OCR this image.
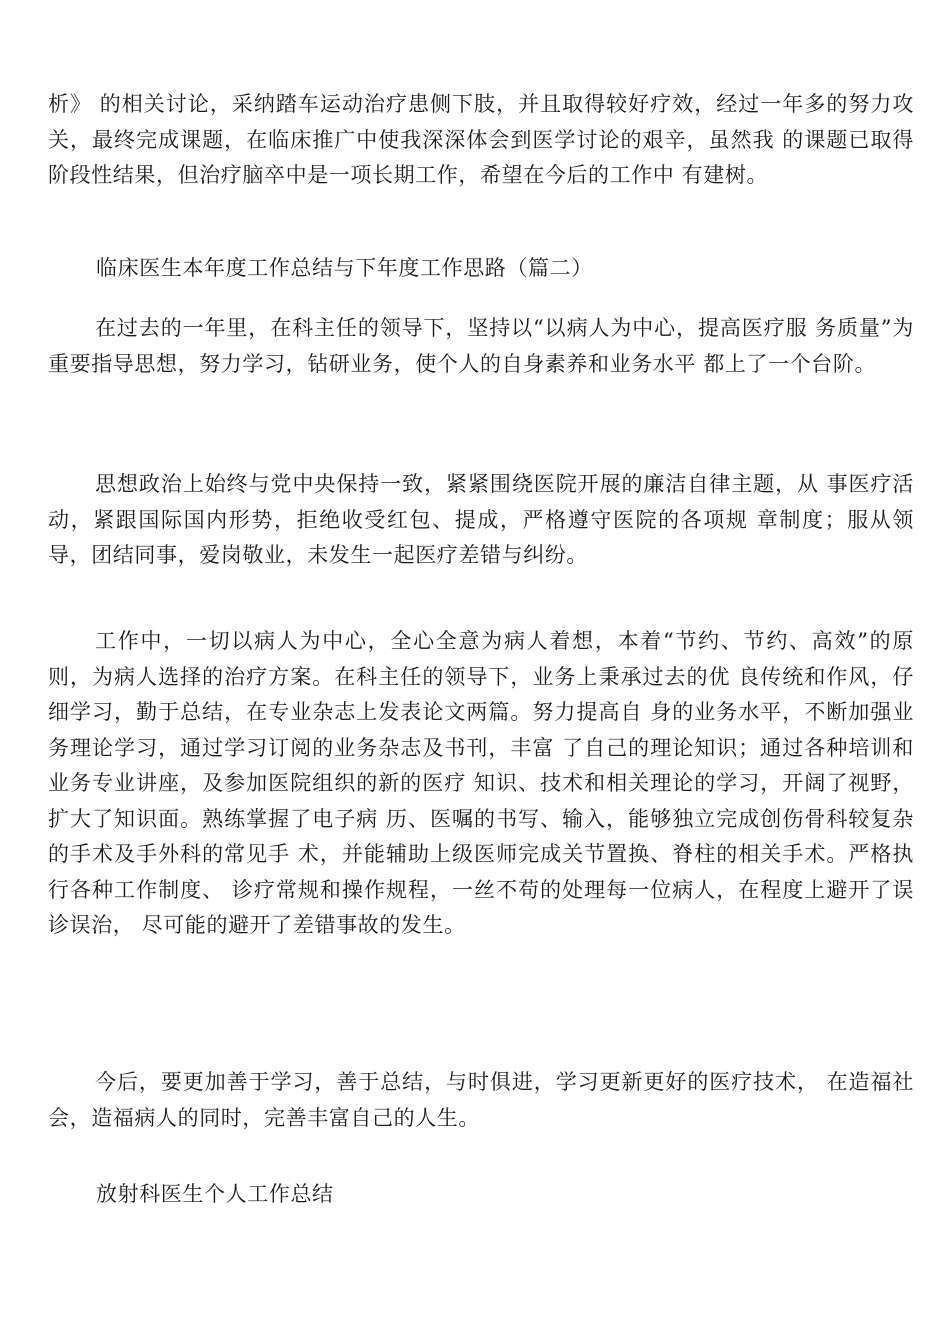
析》 的相关讨论，采纳踏车运动治疗患侧下肢，并且取得较好疗效，经过一年多的努力攻关，最终完成课题，在临床推广中使我深深体会到医学讨论的艰辛，虽然我 的课题已取得阶段性结果，但治疗脑卒中是一项长期工作，希望在今后的工作中 有建树。

临床医生本年度工作总结与下年度工作思路（篇二）

在过去的一年里，在科主任的领导下，坚持以“以病人为中心，提高医疗服 务质量”为重要指导思想，努力学习，钻研业务，使个人的自身素养和业务水平 都上了一个台阶。

思想政治上始终与党中央保持一致，紧紧围绕医院开展的廉洁自律主题，从 事医疗活动，紧跟国际国内形势，拒绝收受红包、提成，严格遵守医院的各项规 章制度；服从领导，团结同事，爱岗敬业，未发生一起医疗差错与纠纷。

工作中，一切以病人为中心，全心全意为病人着想，本着“节约、节约、高效”的原则，为病人选择的治疗方案。在科主任的领导下，业务上秉承过去的优 良传统和作风，仔细学习，勤于总结，在专业杂志上发表论文两篇。努力提高自 身的业务水平，不断加强业务理论学习，通过学习订阅的业务杂志及书刊，丰富 了自己的理论知识；通过各种培训和业务专业讲座，及参加医院组织的新的医疗 知识、技术和相关理论的学习，开阔了视野，扩大了知识面。熟练掌握了电子病 历、医嘱的书写、输入，能够独立完成创伤骨科较复杂的手术及手外科的常见手 术，并能辅助上级医师完成关节置换、脊柱的相关手术。严格执行各种工作制度、 诊疗常规和操作规程，一丝不苟的处理每一位病人，在程度上避开了误诊误治， 尽可能的避开了差错事故的发生。

今后，要更加善于学习，善于总结，与时俱进，学习更新更好的医疗技术， 在造福社会，造福病人的同时，完善丰富自己的人生。

放射科医生个人工作总结
